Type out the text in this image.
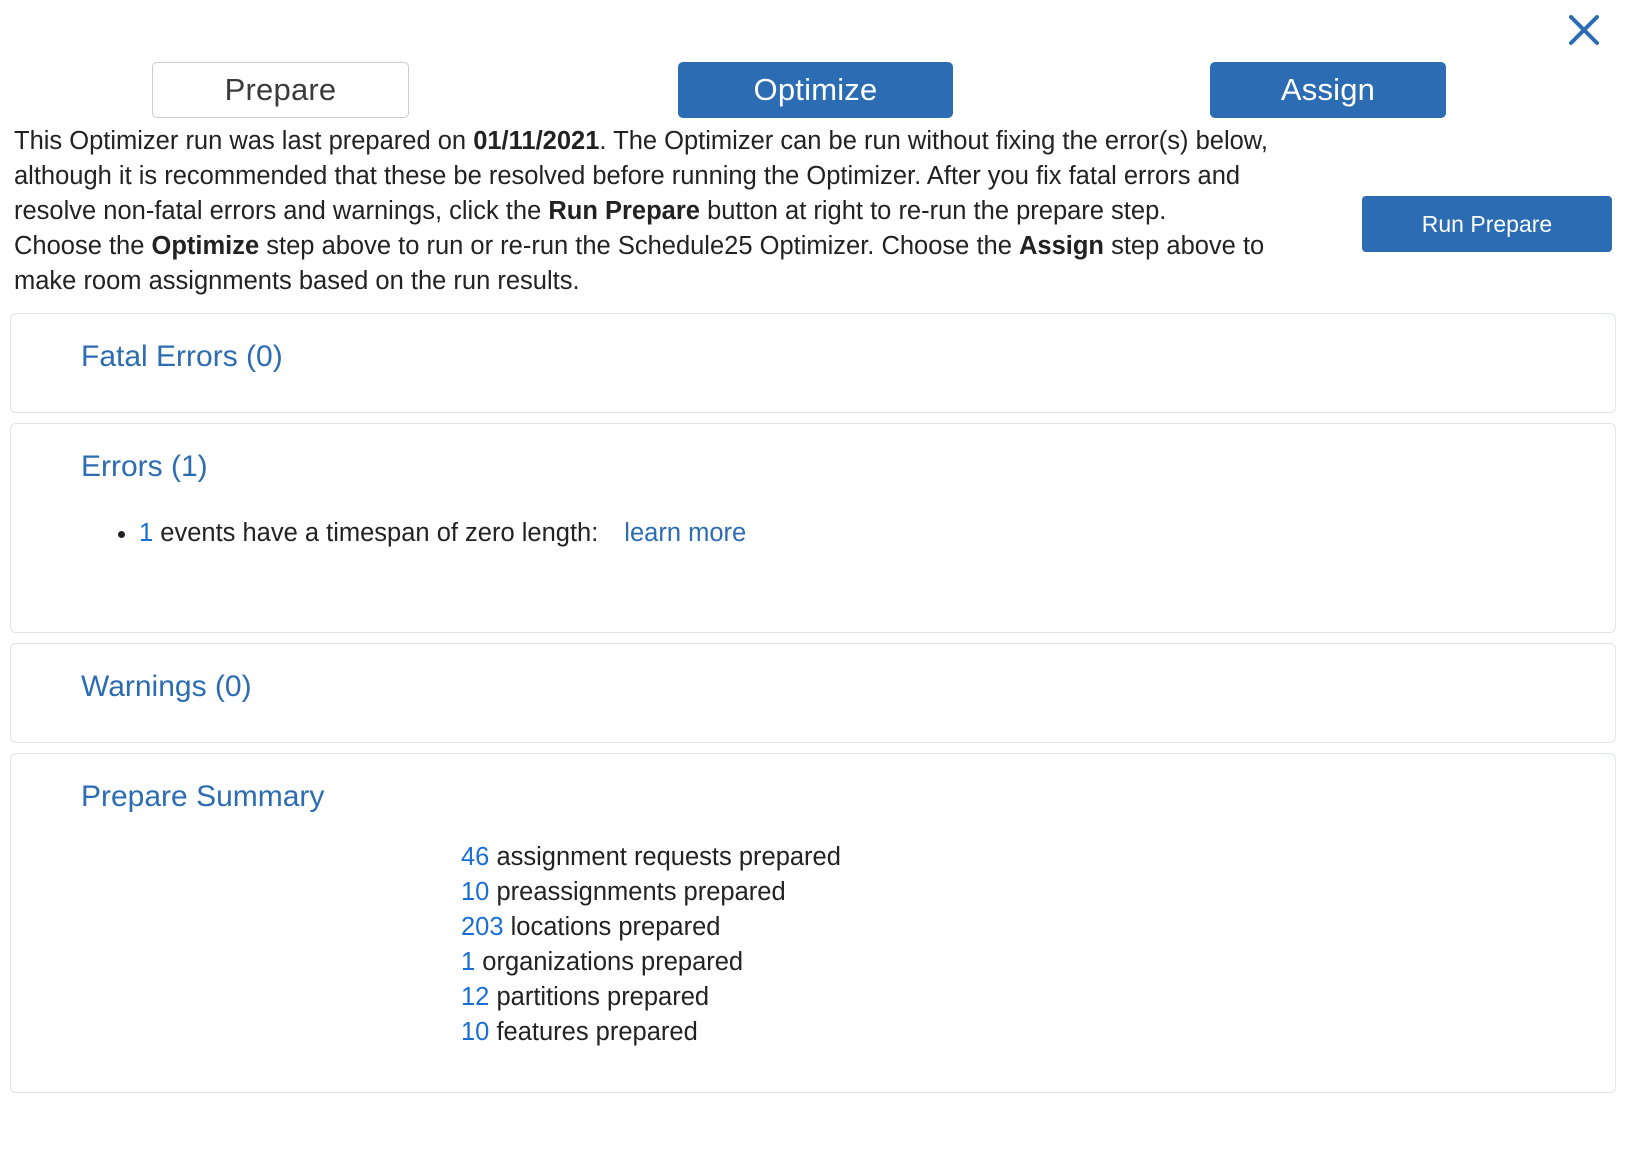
Prepare	Optimize	Assign
This Optimizer run was last prepared on 01/11/2021. The Optimizer can be run without fixing the error(s) below, although it is recommended that these be resolved before running the Optimizer. After you fix fatal errors and resolve non-fatal errors and warnings, click the Run Prepare button at right to re-run the prepare step.
Choose the Optimize step above to run or re-run the Schedule25 Optimizer. Choose the Assign step above to make room assignments based on the run results.
Run Prepare
Fatal Errors (0)
Errors (1)
• 1 events have a timespan of zero length: learn more
Warnings (0)
Prepare Summary
46 assignment requests prepared
10 preassignments prepared
203 locations prepared
1 organizations prepared
12 partitions prepared
10 features prepared
